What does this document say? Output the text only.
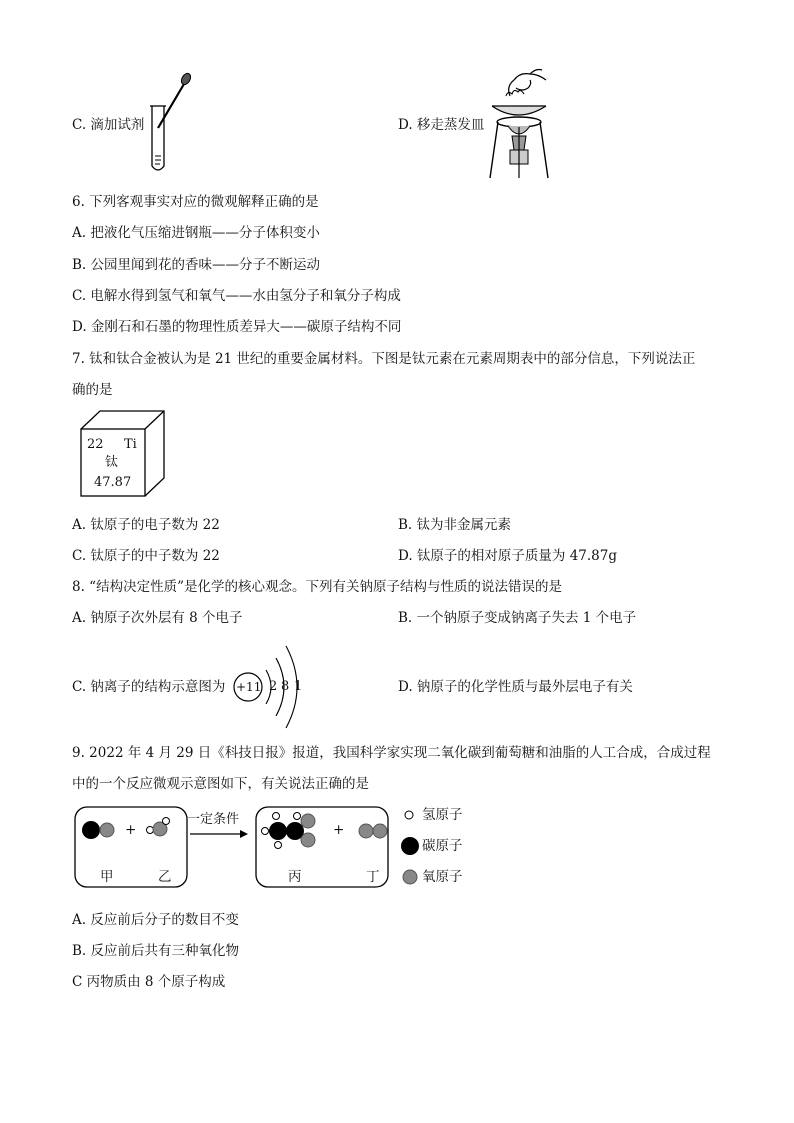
C. 滴加试剂	D. 移走蒸发皿
6. 下列客观事实对应的微观解释正确的是
A. 把液化气压缩进钢瓶——分子体积变小
B. 公园里闻到花的香味——分子不断运动
C. 电解水得到氢气和氧气——水由氢分子和氧分子构成
D. 金刚石和石墨的物理性质差异大——碳原子结构不同
7. 钛和钛合金被认为是 21 世纪的重要金属材料。下图是钛元素在元素周期表中的部分信息，下列说法正
确的是
22 Ti
钛
47.87
A. 钛原子的电子数为 22	B. 钛为非金属元素
C. 钛原子的中子数为 22	D. 钛原子的相对原子质量为 47.87g
8. “结构决定性质”是化学的核心观念。下列有关钠原子结构与性质的说法错误的是
A. 钠原子次外层有 8 个电子	B. 一个钠原子变成钠离子失去 1 个电子
C. 钠离子的结构示意图为 +11 2 8 1	D. 钠原子的化学性质与最外层电子有关
9. 2022 年 4 月 29 日《科技日报》报道，我国科学家实现二氧化碳到葡萄糖和油脂的人工合成，合成过程
中的一个反应微观示意图如下，有关说法正确的是
+	+
一定条件
甲	乙	丙	丁
氢原子
碳原子
氧原子
A. 反应前后分子的数目不变
B. 反应前后共有三种氧化物
C 丙物质由 8 个原子构成
